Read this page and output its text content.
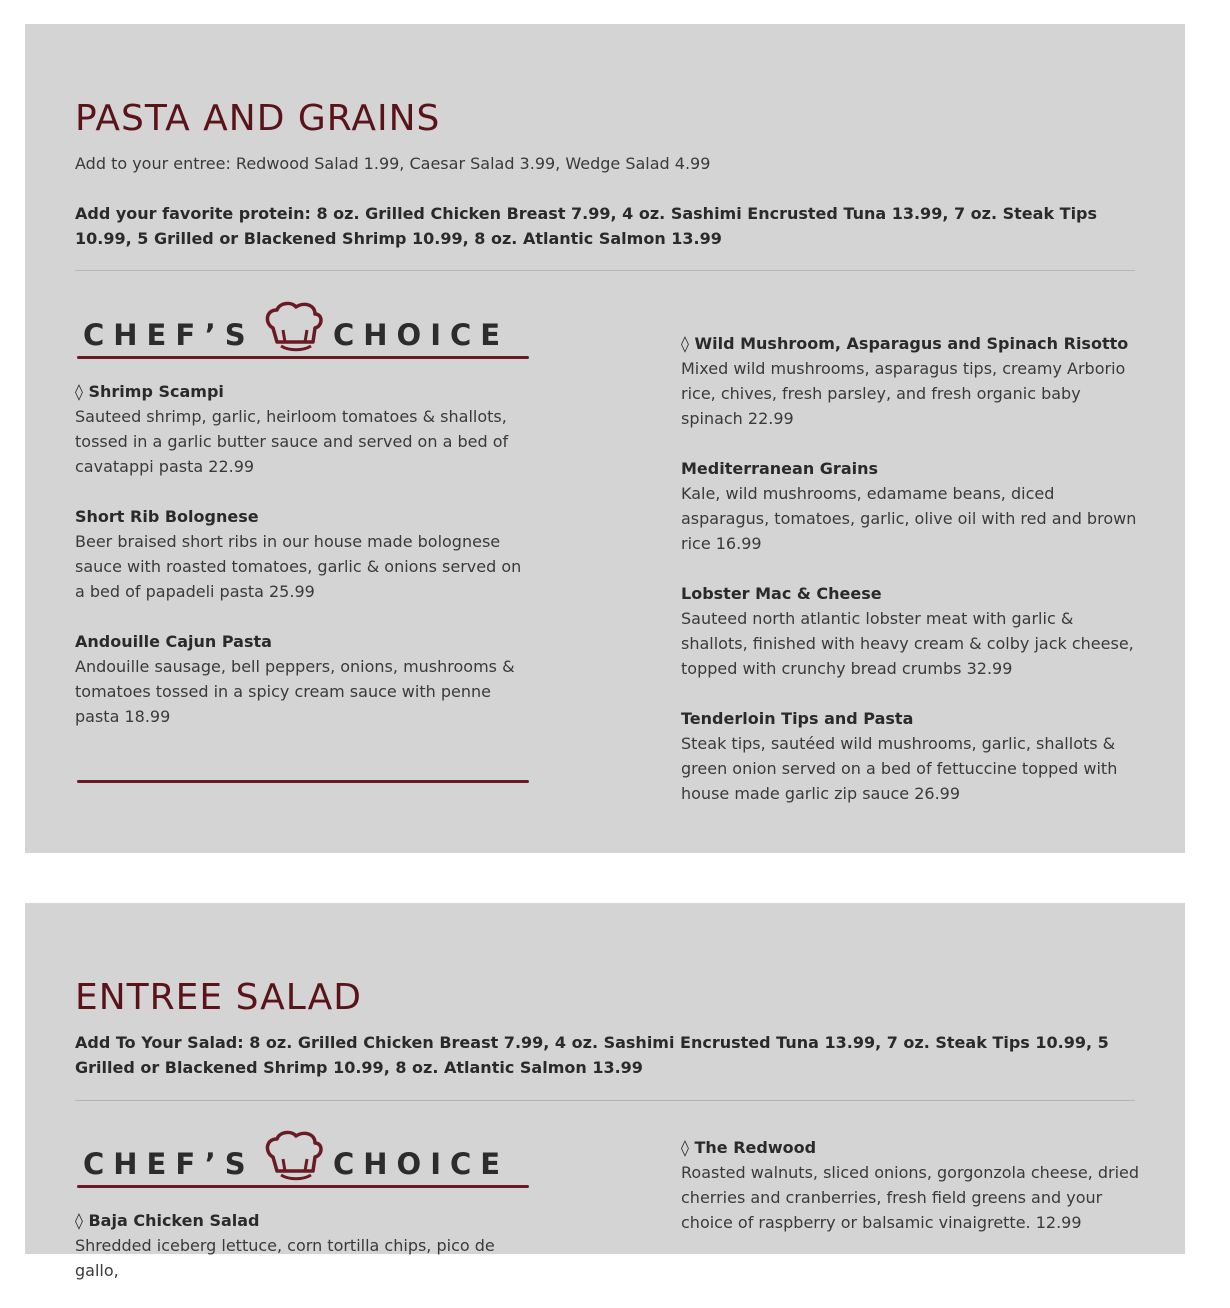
PASTA AND GRAINS

Add to your entree: Redwood Salad 1.99, Caesar Salad 3.99, Wedge Salad 4.99

Add your favorite protein: 8 oz. Grilled Chicken Breast 7.99, 4 oz. Sashimi Encrusted Tuna 13.99, 7 oz. Steak Tips 10.99, 5 Grilled or Blackened Shrimp 10.99, 8 oz. Atlantic Salmon 13.99

CHEF’S	CHOICE
◊ Shrimp Scampi
Sauteed shrimp, garlic, heirloom tomatoes & shallots, tossed in a garlic butter sauce and served on a bed of cavatappi pasta 22.99
Short Rib Bolognese
Beer braised short ribs in our house made bolognese sauce with roasted tomatoes, garlic & onions served on a bed of papadeli pasta 25.99
Andouille Cajun Pasta
Andouille sausage, bell peppers, onions, mushrooms & tomatoes tossed in a spicy cream sauce with penne pasta 18.99
◊ Wild Mushroom, Asparagus and Spinach Risotto
Mixed wild mushrooms, asparagus tips, creamy Arborio rice, chives, fresh parsley, and fresh organic baby spinach 22.99
Mediterranean Grains
Kale, wild mushrooms, edamame beans, diced asparagus, tomatoes, garlic, olive oil with red and brown rice 16.99
Lobster Mac & Cheese
Sauteed north atlantic lobster meat with garlic & shallots, finished with heavy cream & colby jack cheese, topped with crunchy bread crumbs 32.99
Tenderloin Tips and Pasta
Steak tips, sautéed wild mushrooms, garlic, shallots & green onion served on a bed of fettuccine topped with house made garlic zip sauce 26.99
ENTREE SALAD

Add To Your Salad: 8 oz. Grilled Chicken Breast 7.99, 4 oz. Sashimi Encrusted Tuna 13.99, 7 oz. Steak Tips 10.99, 5 Grilled or Blackened Shrimp 10.99, 8 oz. Atlantic Salmon 13.99

CHEF’S	CHOICE
◊ Baja Chicken Salad
Shredded iceberg lettuce, corn tortilla chips, pico de gallo,
◊ The Redwood
Roasted walnuts, sliced onions, gorgonzola cheese, dried cherries and cranberries, fresh field greens and your choice of raspberry or balsamic vinaigrette. 12.99
